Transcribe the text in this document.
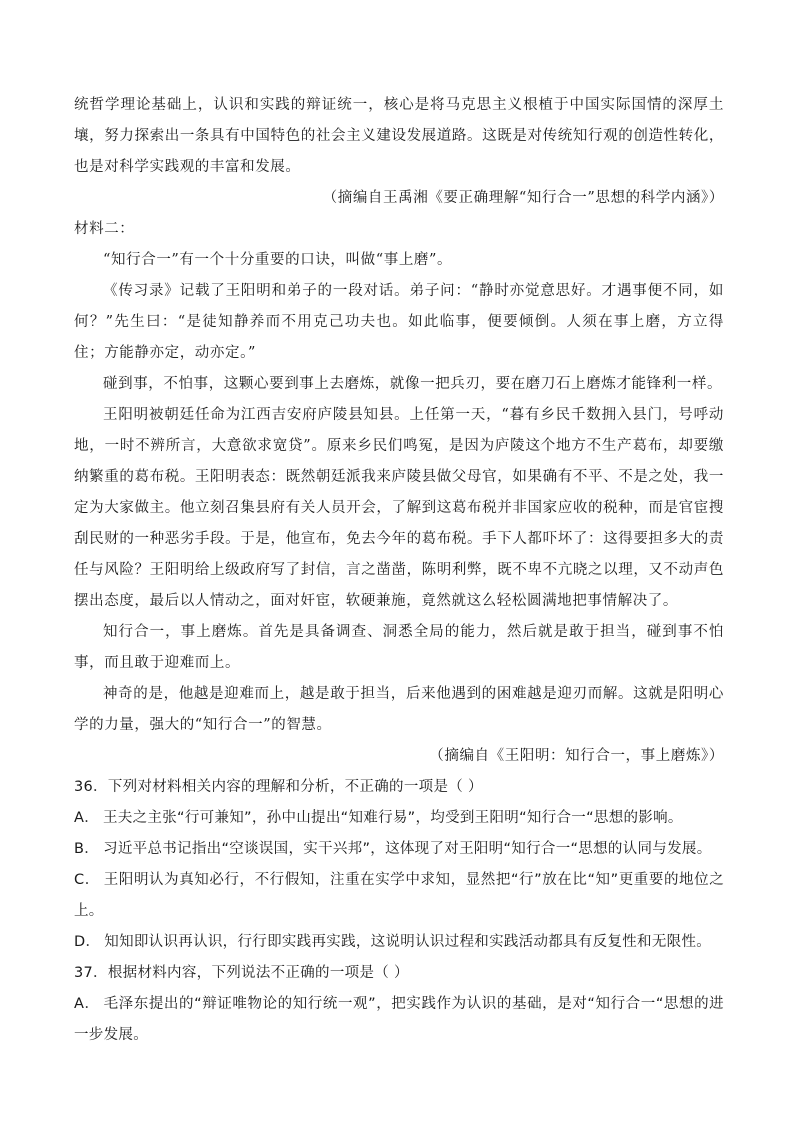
统哲学理论基础上，认识和实践的辩证统一，核心是将马克思主义根植于中国实际国情的深厚土壤，努力探索出一条具有中国特色的社会主义建设发展道路。这既是对传统知行观的创造性转化，也是对科学实践观的丰富和发展。

（摘编自王禹湘《要正确理解“知行合一”思想的科学内涵》）

材料二：

“知行合一”有一个十分重要的口诀，叫做“事上磨”。

《传习录》记载了王阳明和弟子的一段对话。弟子问：“静时亦觉意思好。才遇事便不同，如何？”先生曰：“是徒知静养而不用克己功夫也。如此临事，便要倾倒。人须在事上磨，方立得住；方能静亦定，动亦定。”

碰到事，不怕事，这颗心要到事上去磨炼，就像一把兵刃，要在磨刀石上磨炼才能锋利一样。

王阳明被朝廷任命为江西吉安府庐陵县知县。上任第一天，“暮有乡民千数拥入县门，号呼动地，一时不辨所言，大意欲求宽贷”。原来乡民们鸣冤，是因为庐陵这个地方不生产葛布，却要缴纳繁重的葛布税。王阳明表态：既然朝廷派我来庐陵县做父母官，如果确有不平、不是之处，我一定为大家做主。他立刻召集县府有关人员开会，了解到这葛布税并非国家应收的税种，而是官宦搜刮民财的一种恶劣手段。于是，他宣布，免去今年的葛布税。手下人都吓坏了：这得要担多大的责任与风险？王阳明给上级政府写了封信，言之凿凿，陈明利弊，既不卑不亢晓之以理，又不动声色摆出态度，最后以人情动之，面对奸宦，软硬兼施，竟然就这么轻松圆满地把事情解决了。

知行合一，事上磨炼。首先是具备调查、洞悉全局的能力，然后就是敢于担当，碰到事不怕事，而且敢于迎难而上。

神奇的是，他越是迎难而上，越是敢于担当，后来他遇到的困难越是迎刃而解。这就是阳明心学的力量，强大的“知行合一”的智慧。

（摘编自《王阳明：知行合一，事上磨炼》）

36．下列对材料相关内容的理解和分析，不正确的一项是（ ）

A． 王夫之主张“行可兼知”，孙中山提出“知难行易”，均受到王阳明“知行合一“思想的影响。

B． 习近平总书记指出“空谈误国，实干兴邦”，这体现了对王阳明“知行合一“思想的认同与发展。

C． 王阳明认为真知必行，不行假知，注重在实学中求知，显然把“行”放在比“知”更重要的地位之上。

D． 知知即认识再认识，行行即实践再实践，这说明认识过程和实践活动都具有反复性和无限性。

37．根据材料内容，下列说法不正确的一项是（ ）

A． 毛泽东提出的“辩证唯物论的知行统一观”，把实践作为认识的基础，是对“知行合一“思想的进一步发展。
